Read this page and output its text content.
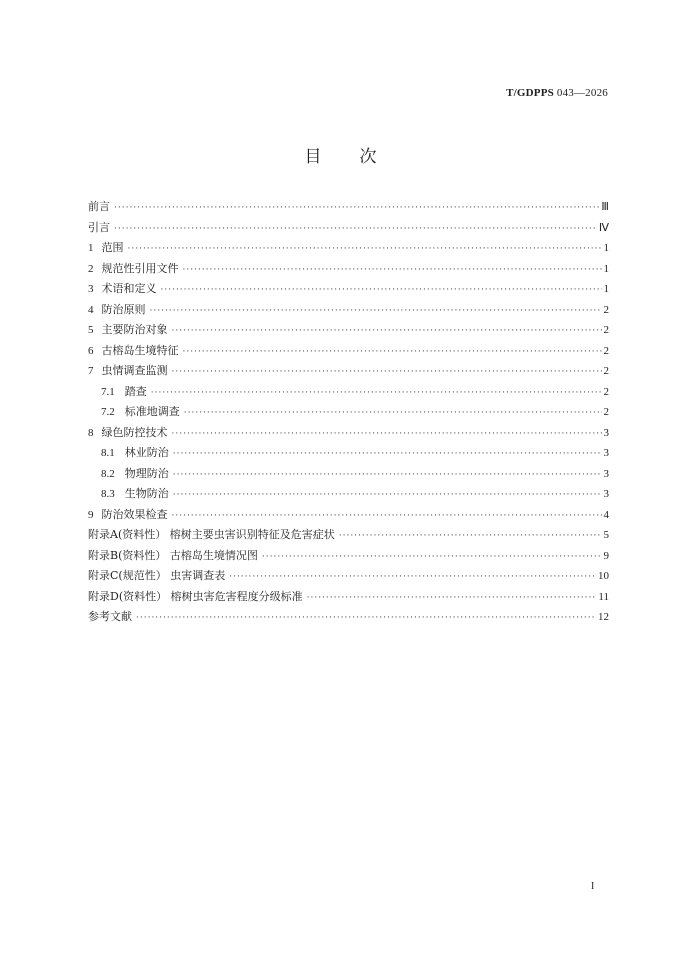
T/GDPPS 043—2026
目次
前言 ·····	Ⅲ
引言 ·····	Ⅳ
1 范围 ·····	1
2 规范性引用文件 ·····	1
3 术语和定义 ·····	1
4 防治原则 ·····	2
5 主要防治对象 ·····	2
6 古榕岛生境特征 ·····	2
7 虫情调查监测 ·····	2
7.1 踏查 ·····	2
7.2 标准地调查 ·····	2
8 绿色防控技术 ·····	3
8.1 林业防治 ·····	3
8.2 物理防治 ·····	3
8.3 生物防治 ·····	3
9 防治效果检查 ·····	4
附录A(资料性） 榕树主要虫害识别特征及危害症状 ·····	5
附录B(资料性） 古榕岛生境情况图 ·····	9
附录C(规范性） 虫害调查表 ·····	10
附录D(资料性） 榕树虫害危害程度分级标准 ·····	11
参考文献 ·····	12
I
